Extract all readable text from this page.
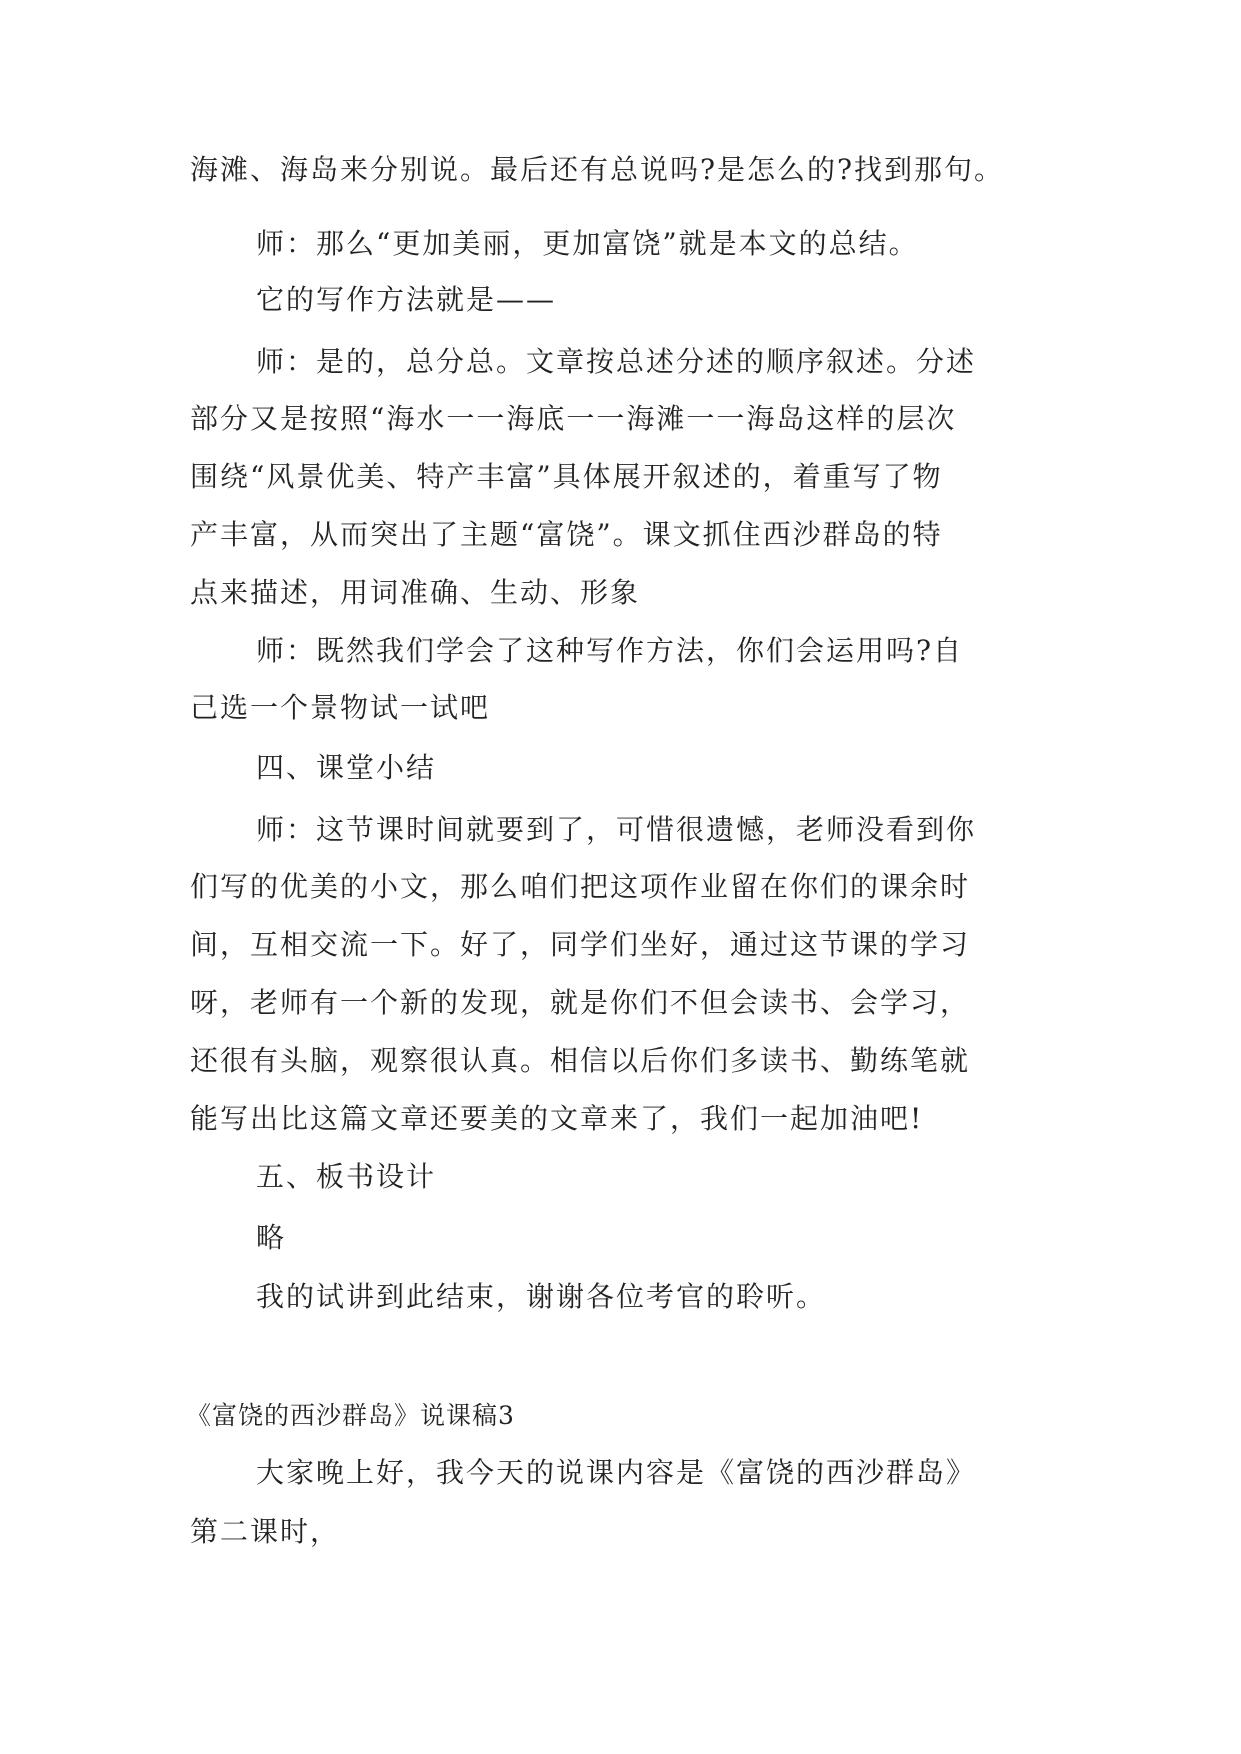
海滩、海岛来分别说。最后还有总说吗?是怎么的?找到那句。
师：那么“更加美丽，更加富饶”就是本文的总结。
它的写作方法就是——
师：是的，总分总。文章按总述分述的顺序叙述。分述
部分又是按照“海水一一海底一一海滩一一海岛这样的层次
围绕“风景优美、特产丰富”具体展开叙述的，着重写了物
产丰富，从而突出了主题“富饶”。课文抓住西沙群岛的特
点来描述，用词准确、生动、形象
师：既然我们学会了这种写作方法，你们会运用吗?自
己选一个景物试一试吧
四、课堂小结
师：这节课时间就要到了，可惜很遗憾，老师没看到你
们写的优美的小文，那么咱们把这项作业留在你们的课余时
间，互相交流一下。好了，同学们坐好，通过这节课的学习
呀，老师有一个新的发现，就是你们不但会读书、会学习，
还很有头脑，观察很认真。相信以后你们多读书、勤练笔就
能写出比这篇文章还要美的文章来了，我们一起加油吧!
五、板书设计
略
我的试讲到此结束，谢谢各位考官的聆听。
《富饶的西沙群岛》说课稿3
大家晚上好，我今天的说课内容是《富饶的西沙群岛》
第二课时，
